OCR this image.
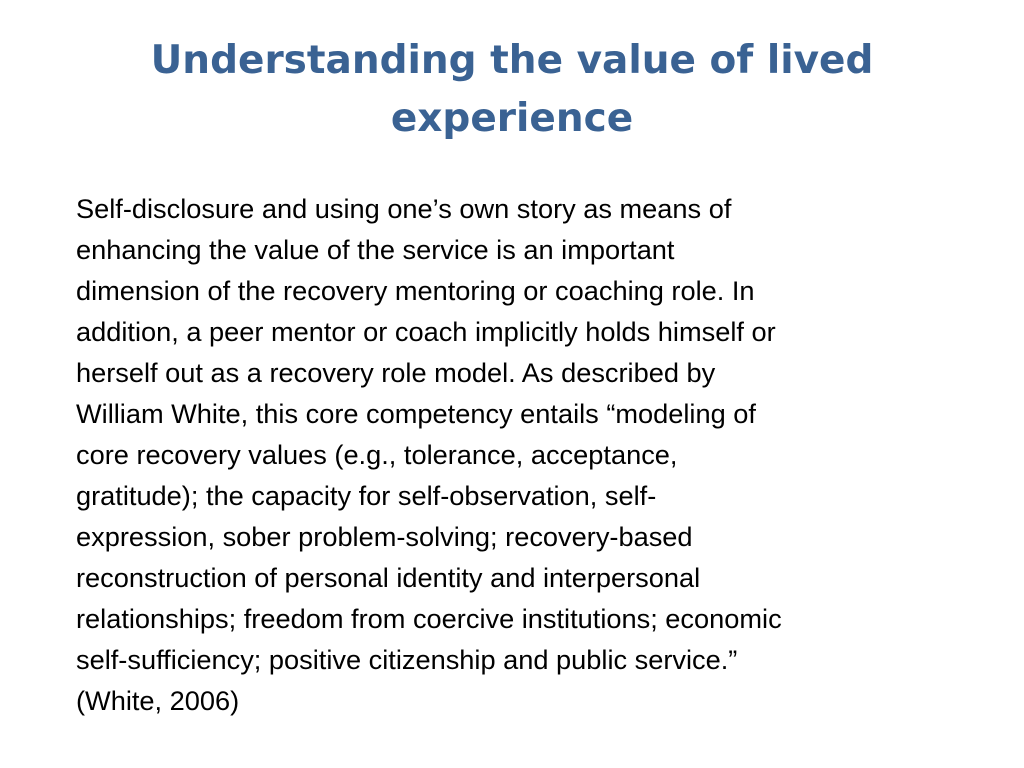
Understanding the value of lived
experience
Self-disclosure and using one’s own story as means of
enhancing the value of the service is an important
dimension of the recovery mentoring or coaching role. In
addition, a peer mentor or coach implicitly holds himself or
herself out as a recovery role model. As described by
William White, this core competency entails “modeling of
core recovery values (e.g., tolerance, acceptance,
gratitude); the capacity for self-observation, self-
expression, sober problem-solving; recovery-based
reconstruction of personal identity and interpersonal
relationships; freedom from coercive institutions; economic
self-sufficiency; positive citizenship and public service.”
(White, 2006)
